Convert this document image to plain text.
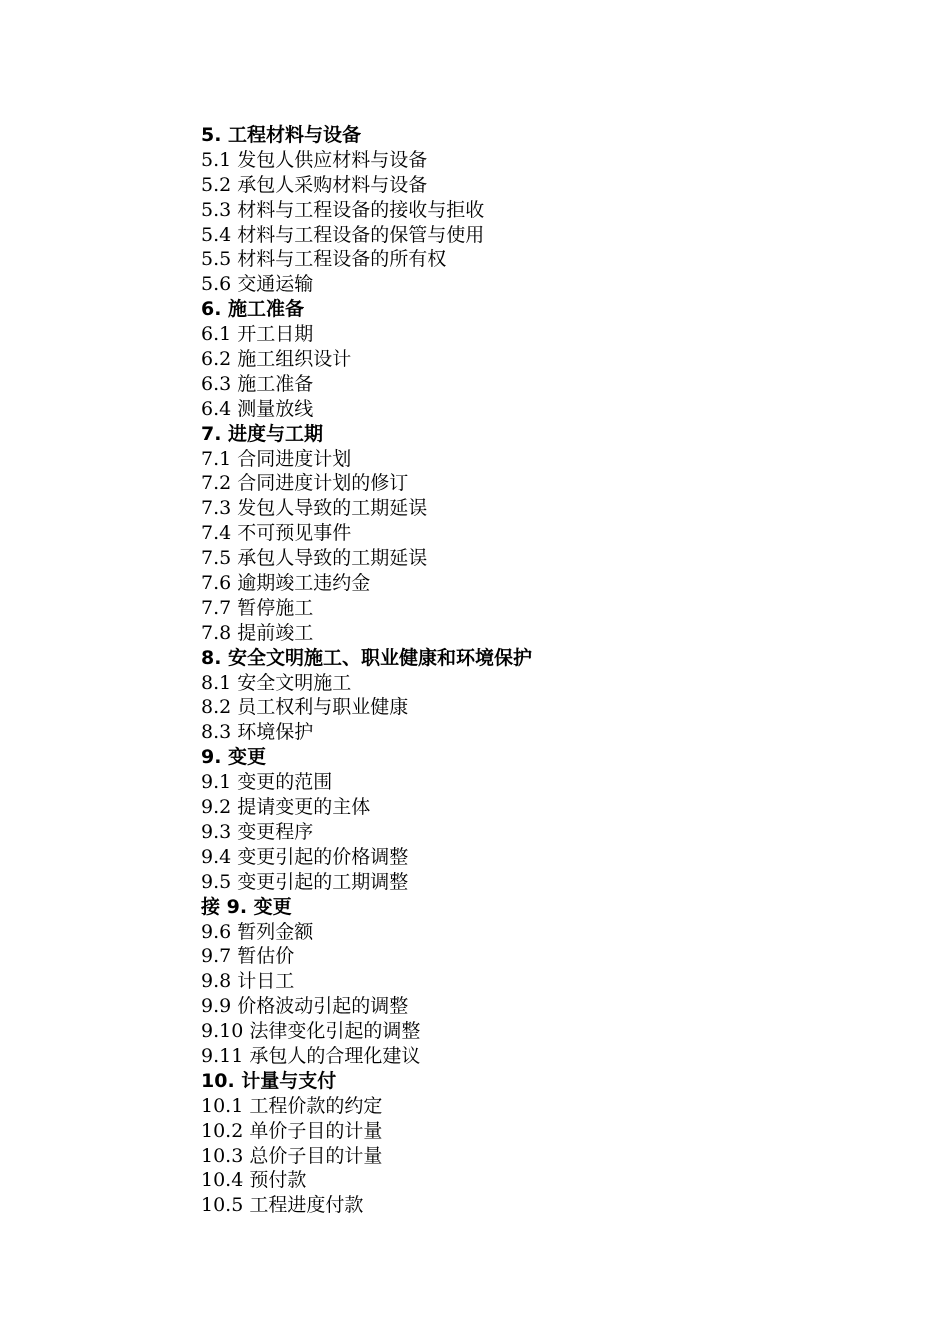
5. 工程材料与设备
5.1 发包人供应材料与设备
5.2 承包人采购材料与设备
5.3 材料与工程设备的接收与拒收
5.4 材料与工程设备的保管与使用
5.5 材料与工程设备的所有权
5.6 交通运输
6. 施工准备
6.1 开工日期
6.2 施工组织设计
6.3 施工准备
6.4 测量放线
7. 进度与工期
7.1 合同进度计划
7.2 合同进度计划的修订
7.3 发包人导致的工期延误
7.4 不可预见事件
7.5 承包人导致的工期延误
7.6 逾期竣工违约金
7.7 暂停施工
7.8 提前竣工
8. 安全文明施工、职业健康和环境保护
8.1 安全文明施工
8.2 员工权利与职业健康
8.3 环境保护
9. 变更
9.1 变更的范围
9.2 提请变更的主体
9.3 变更程序
9.4 变更引起的价格调整
9.5 变更引起的工期调整
接 9. 变更
9.6 暂列金额
9.7 暂估价
9.8 计日工
9.9 价格波动引起的调整
9.10 法律变化引起的调整
9.11 承包人的合理化建议
10. 计量与支付
10.1 工程价款的约定
10.2 单价子目的计量
10.3 总价子目的计量
10.4 预付款
10.5 工程进度付款
